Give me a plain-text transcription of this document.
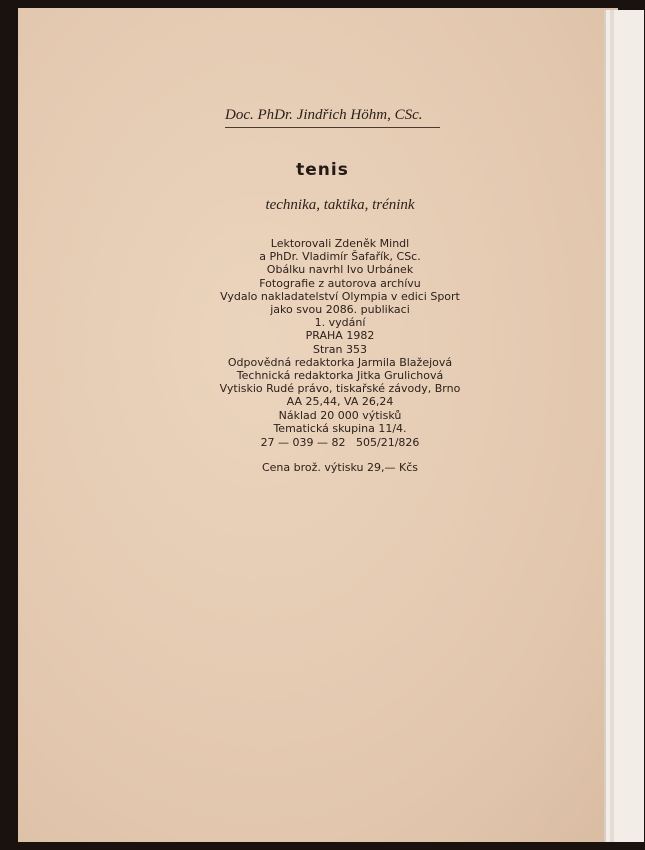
Doc. PhDr. Jindřich Höhm, CSc.
tenis
technika, taktika, trénink
Lektorovali Zdeněk Mindl
a PhDr. Vladimír Šafařík, CSc.
Obálku navrhl Ivo Urbánek
Fotografie z autorova archívu
Vydalo nakladatelství Olympia v edici Sport
jako svou 2086. publikaci
1. vydání
PRAHA 1982
Stran 353
Odpovědná redaktorka Jarmila Blažejová
Technická redaktorka Jitka Grulichová
Vytiskio Rudé právo, tiskařské závody, Brno
AA 25,44, VA 26,24
Náklad 20 000 výtisků
Tematická skupina 11/4.
27 — 039 — 82   505/21/826
Cena brož. výtisku 29,— Kčs
